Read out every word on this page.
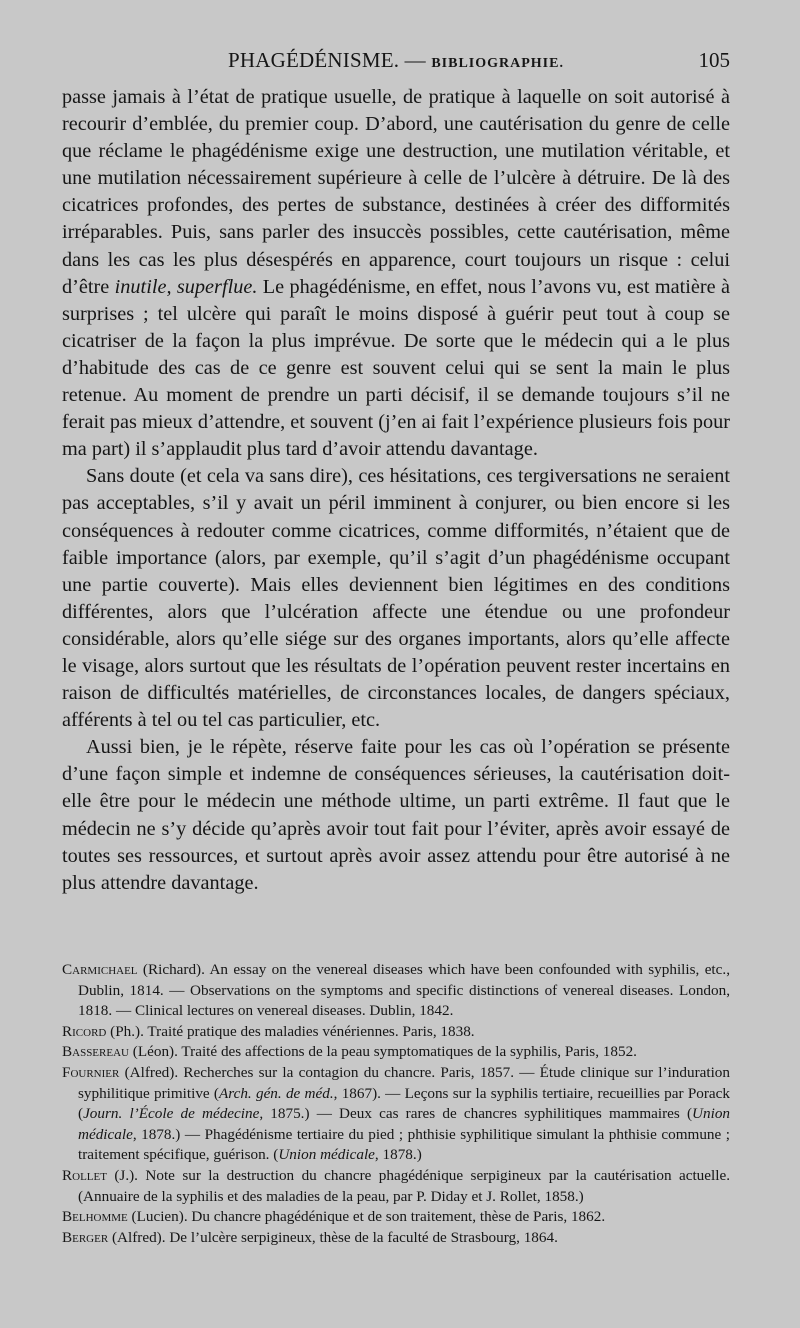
PHAGÉDÉNISME. — BIBLIOGRAPHIE.	105

passe jamais à l’état de pratique usuelle, de pratique à laquelle on soit autorisé à recourir d’emblée, du premier coup. D’abord, une cautérisation du genre de celle que réclame le phagédénisme exige une destruction, une mutilation véritable, et une mutilation nécessairement supérieure à celle de l’ulcère à détruire. De là des cicatrices profondes, des pertes de substance, destinées à créer des difformités irréparables. Puis, sans parler des insuccès possibles, cette cautérisation, même dans les cas les plus désespérés en apparence, court toujours un risque : celui d’être inutile, superflue. Le phagédénisme, en effet, nous l’avons vu, est matière à surprises ; tel ulcère qui paraît le moins disposé à guérir peut tout à coup se cicatriser de la façon la plus imprévue. De sorte que le médecin qui a le plus d’habitude des cas de ce genre est souvent celui qui se sent la main le plus retenue. Au moment de prendre un parti décisif, il se demande toujours s’il ne ferait pas mieux d’attendre, et souvent (j’en ai fait l’expérience plusieurs fois pour ma part) il s’applaudit plus tard d’avoir attendu davantage.

Sans doute (et cela va sans dire), ces hésitations, ces tergiversations ne seraient pas acceptables, s’il y avait un péril imminent à conjurer, ou bien encore si les conséquences à redouter comme cicatrices, comme difformités, n’étaient que de faible importance (alors, par exemple, qu’il s’agit d’un phagédénisme occupant une partie couverte). Mais elles deviennent bien légitimes en des conditions différentes, alors que l’ulcération affecte une étendue ou une profondeur considérable, alors qu’elle siége sur des organes importants, alors qu’elle affecte le visage, alors surtout que les résultats de l’opération peuvent rester incertains en raison de difficultés matérielles, de circonstances locales, de dangers spéciaux, afférents à tel ou tel cas particulier, etc.

Aussi bien, je le répète, réserve faite pour les cas où l’opération se présente d’une façon simple et indemne de conséquences sérieuses, la cautérisation doit-elle être pour le médecin une méthode ultime, un parti extrême. Il faut que le médecin ne s’y décide qu’après avoir tout fait pour l’éviter, après avoir essayé de toutes ses ressources, et surtout après avoir assez attendu pour être autorisé à ne plus attendre davantage.

Carmichael (Richard). An essay on the venereal diseases which have been confounded with syphilis, etc., Dublin, 1814. — Observations on the symptoms and specific distinctions of venereal diseases. London, 1818. — Clinical lectures on venereal diseases. Dublin, 1842.

Ricord (Ph.). Traité pratique des maladies vénériennes. Paris, 1838.

Bassereau (Léon). Traité des affections de la peau symptomatiques de la syphilis, Paris, 1852.

Fournier (Alfred). Recherches sur la contagion du chancre. Paris, 1857. — Étude clinique sur l’induration syphilitique primitive (Arch. gén. de méd., 1867). — Leçons sur la syphilis tertiaire, recueillies par Porack (Journ. l’École de médecine, 1875.) — Deux cas rares de chancres syphilitiques mammaires (Union médicale, 1878.) — Phagédénisme tertiaire du pied ; phthisie syphilitique simulant la phthisie commune ; traitement spécifique, guérison. (Union médicale, 1878.)

Rollet (J.). Note sur la destruction du chancre phagédénique serpigineux par la cautérisation actuelle. (Annuaire de la syphilis et des maladies de la peau, par P. Diday et J. Rollet, 1858.)

Belhomme (Lucien). Du chancre phagédénique et de son traitement, thèse de Paris, 1862.

Berger (Alfred). De l’ulcère serpigineux, thèse de la faculté de Strasbourg, 1864.
